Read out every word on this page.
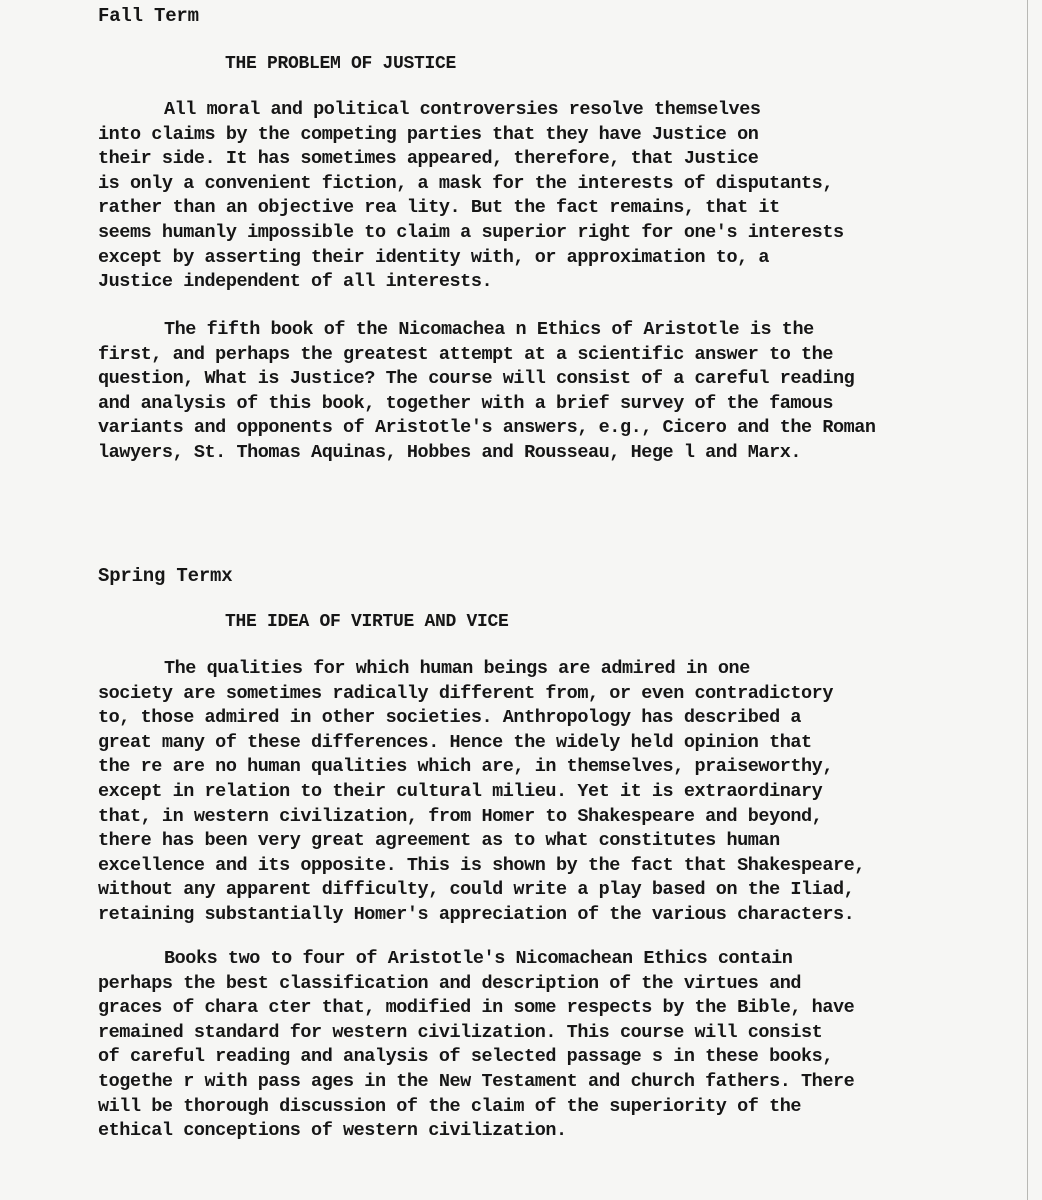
Fall Term
THE PROBLEM OF JUSTICE
All moral and political controversies resolve themselves
into claims by the competing parties that they have Justice on
their side. It has sometimes appeared, therefore, that Justice
is only a convenient fiction, a mask for the interests of disputants,
rather than an objective rea lity. But the fact remains, that it
seems humanly impossible to claim a superior right for one's interests
except by asserting their identity with, or approximation to, a
Justice independent of all interests.
The fifth book of the Nicomachea n Ethics of Aristotle is the
first, and perhaps the greatest attempt at a scientific answer to the
question, What is Justice? The course will consist of a careful reading
and analysis of this book, together with a brief survey of the famous
variants and opponents of Aristotle's answers, e.g., Cicero and the Roman
lawyers, St. Thomas Aquinas, Hobbes and Rousseau, Hege l and Marx.
Spring Termx
THE IDEA OF VIRTUE AND VICE
The qualities for which human beings are admired in one
society are sometimes radically different from, or even contradictory
to, those admired in other societies. Anthropology has described a
great many of these differences. Hence the widely held opinion that
the re are no human qualities which are, in themselves, praiseworthy,
except in relation to their cultural milieu. Yet it is extraordinary
that, in western civilization, from Homer to Shakespeare and beyond,
there has been very great agreement as to what constitutes human
excellence and its opposite. This is shown by the fact that Shakespeare,
without any apparent difficulty, could write a play based on the Iliad,
retaining substantially Homer's appreciation of the various characters.
Books two to four of Aristotle's Nicomachean Ethics contain
perhaps the best classification and description of the virtues and
graces of chara cter that, modified in some respects by the Bible, have
remained standard for western civilization. This course will consist
of careful reading and analysis of selected passage s in these books,
togethe r with pass ages in the New Testament and church fathers. There
will be thorough discussion of the claim of the superiority of the
ethical conceptions of western civilization.
